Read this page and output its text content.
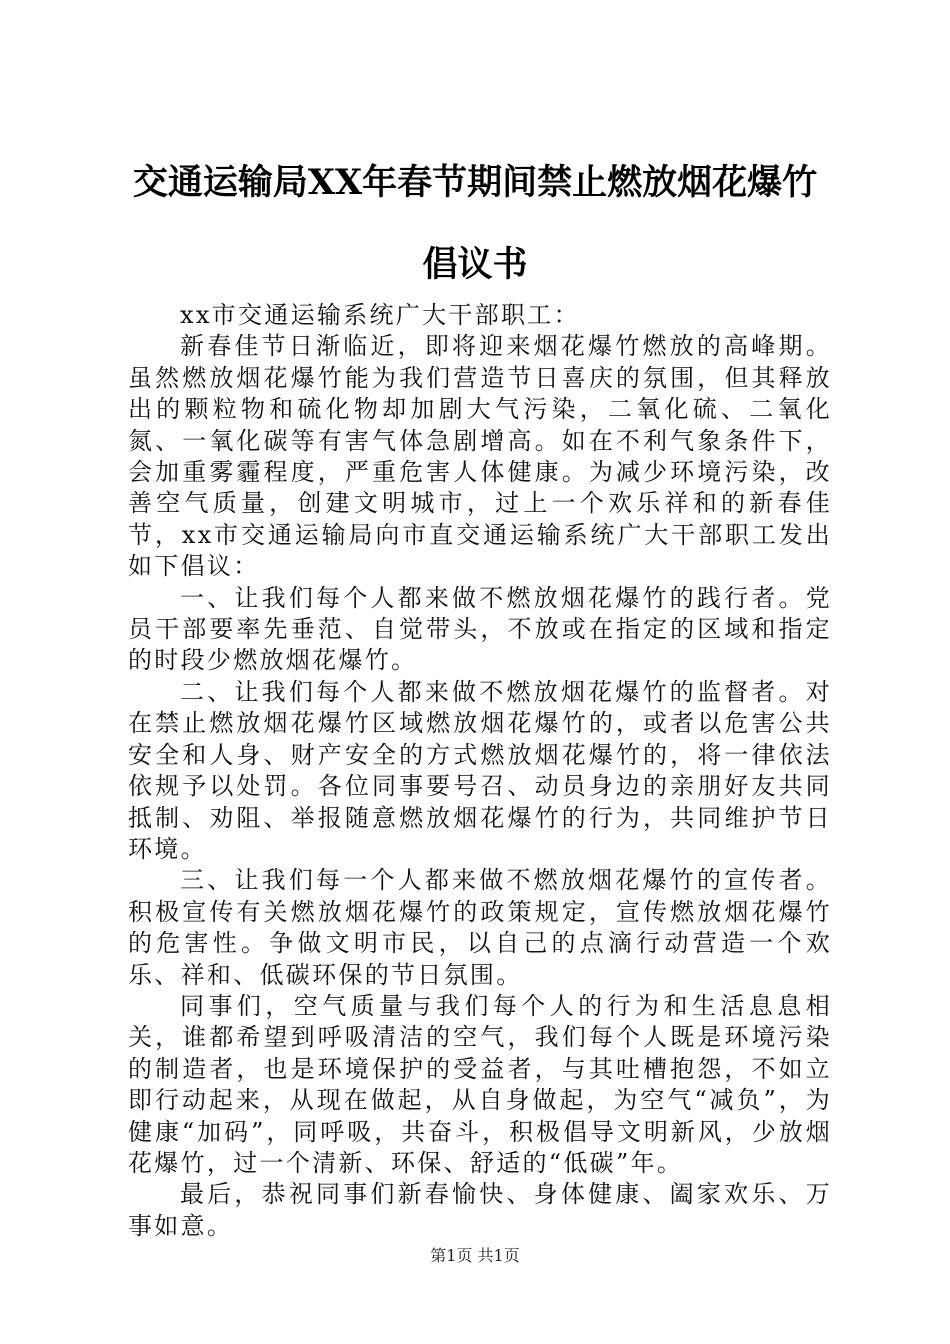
交通运输局XX年春节期间禁止燃放烟花爆竹
倡议书

xx市交通运输系统广大干部职工：

新春佳节日渐临近，即将迎来烟花爆竹燃放的高峰期。虽然燃放烟花爆竹能为我们营造节日喜庆的氛围，但其释放出的颗粒物和硫化物却加剧大气污染，二氧化硫、二氧化氮、一氧化碳等有害气体急剧增高。如在不利气象条件下，会加重雾霾程度，严重危害人体健康。为减少环境污染，改善空气质量，创建文明城市，过上一个欢乐祥和的新春佳节，xx市交通运输局向市直交通运输系统广大干部职工发出如下倡议：

一、让我们每个人都来做不燃放烟花爆竹的践行者。党员干部要率先垂范、自觉带头，不放或在指定的区域和指定的时段少燃放烟花爆竹。

二、让我们每个人都来做不燃放烟花爆竹的监督者。对在禁止燃放烟花爆竹区域燃放烟花爆竹的，或者以危害公共安全和人身、财产安全的方式燃放烟花爆竹的，将一律依法依规予以处罚。各位同事要号召、动员身边的亲朋好友共同抵制、劝阻、举报随意燃放烟花爆竹的行为，共同维护节日环境。

三、让我们每一个人都来做不燃放烟花爆竹的宣传者。积极宣传有关燃放烟花爆竹的政策规定，宣传燃放烟花爆竹的危害性。争做文明市民，以自己的点滴行动营造一个欢乐、祥和、低碳环保的节日氛围。

同事们，空气质量与我们每个人的行为和生活息息相关，谁都希望到呼吸清洁的空气，我们每个人既是环境污染的制造者，也是环境保护的受益者，与其吐槽抱怨，不如立即行动起来，从现在做起，从自身做起，为空气“减负”，为健康“加码”，同呼吸，共奋斗，积极倡导文明新风，少放烟花爆竹，过一个清新、环保、舒适的“低碳”年。

最后，恭祝同事们新春愉快、身体健康、阖家欢乐、万事如意。

第1页 共1页
